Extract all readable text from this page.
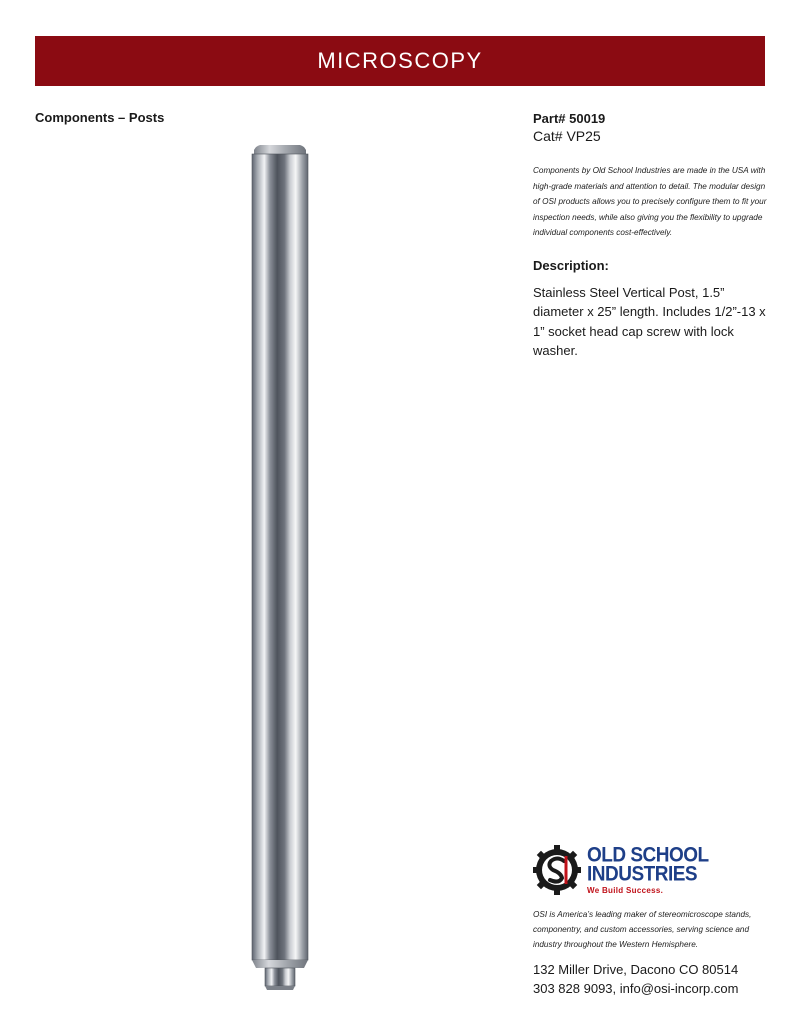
MICROSCOPY
Components – Posts	Part# 50019
Cat# VP25

Components by Old School Industries are made in the USA with high-grade materials and attention to detail. The modular design of OSI products allows you to precisely configure them to fit your inspection needs, while also giving you the flexibility to upgrade individual components cost-effectively.

Description:

Stainless Steel Vertical Post, 1.5” diameter x 25” length. Includes 1/2”-13 x 1” socket head cap screw with lock washer.

OLD SCHOOL
INDUSTRIES
We Build Success.

OSI is America’s leading maker of stereomicroscope stands, componentry, and custom accessories, serving science and industry throughout the Western Hemisphere.

132 Miller Drive, Dacono CO 80514
303 828 9093, info@osi-incorp.com
